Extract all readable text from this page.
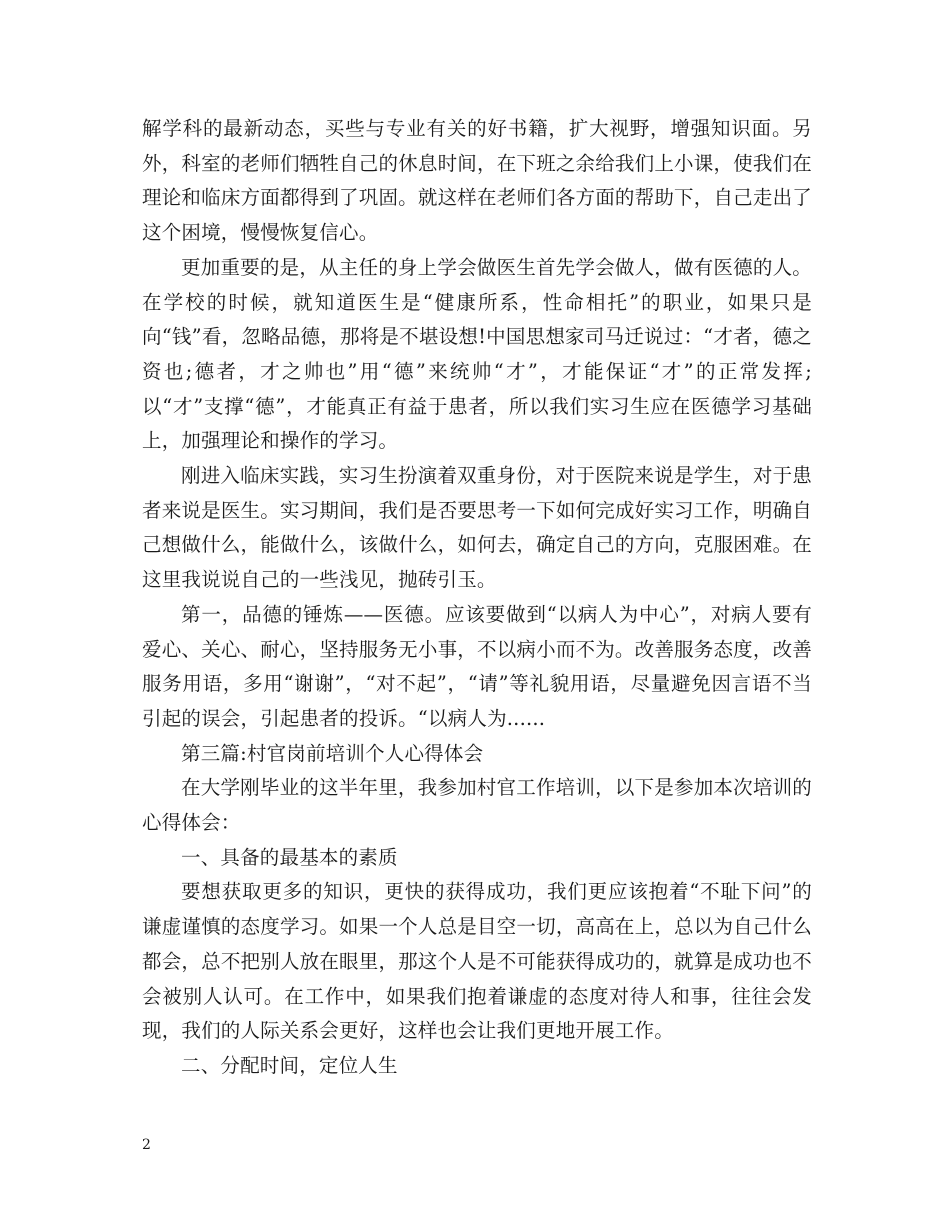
解学科的最新动态，买些与专业有关的好书籍，扩大视野，增强知识面。另外，科室的老师们牺牲自己的休息时间，在下班之余给我们上小课，使我们在理论和临床方面都得到了巩固。就这样在老师们各方面的帮助下，自己走出了这个困境，慢慢恢复信心。

更加重要的是，从主任的身上学会做医生首先学会做人，做有医德的人。在学校的时候，就知道医生是“健康所系，性命相托”的职业，如果只是向“钱”看，忽略品德，那将是不堪设想!中国思想家司马迁说过：“才者，德之资也;德者，才之帅也”用“德”来统帅“才”，才能保证“才”的正常发挥;以“才”支撑“德”，才能真正有益于患者，所以我们实习生应在医德学习基础上，加强理论和操作的学习。

刚进入临床实践，实习生扮演着双重身份，对于医院来说是学生，对于患者来说是医生。实习期间，我们是否要思考一下如何完成好实习工作，明确自己想做什么，能做什么，该做什么，如何去，确定自己的方向，克服困难。在这里我说说自己的一些浅见，抛砖引玉。

第一，品德的锤炼——医德。应该要做到“以病人为中心”，对病人要有爱心、关心、耐心，坚持服务无小事，不以病小而不为。改善服务态度，改善服务用语，多用“谢谢”，“对不起”，“请”等礼貌用语，尽量避免因言语不当引起的误会，引起患者的投诉。“以病人为......

第三篇:村官岗前培训个人心得体会

在大学刚毕业的这半年里，我参加村官工作培训，以下是参加本次培训的心得体会：

一、具备的最基本的素质

要想获取更多的知识，更快的获得成功，我们更应该抱着“不耻下问”的谦虚谨慎的态度学习。如果一个人总是目空一切，高高在上，总以为自己什么都会，总不把别人放在眼里，那这个人是不可能获得成功的，就算是成功也不会被别人认可。在工作中，如果我们抱着谦虚的态度对待人和事，往往会发现，我们的人际关系会更好，这样也会让我们更地开展工作。

二、分配时间，定位人生

2
